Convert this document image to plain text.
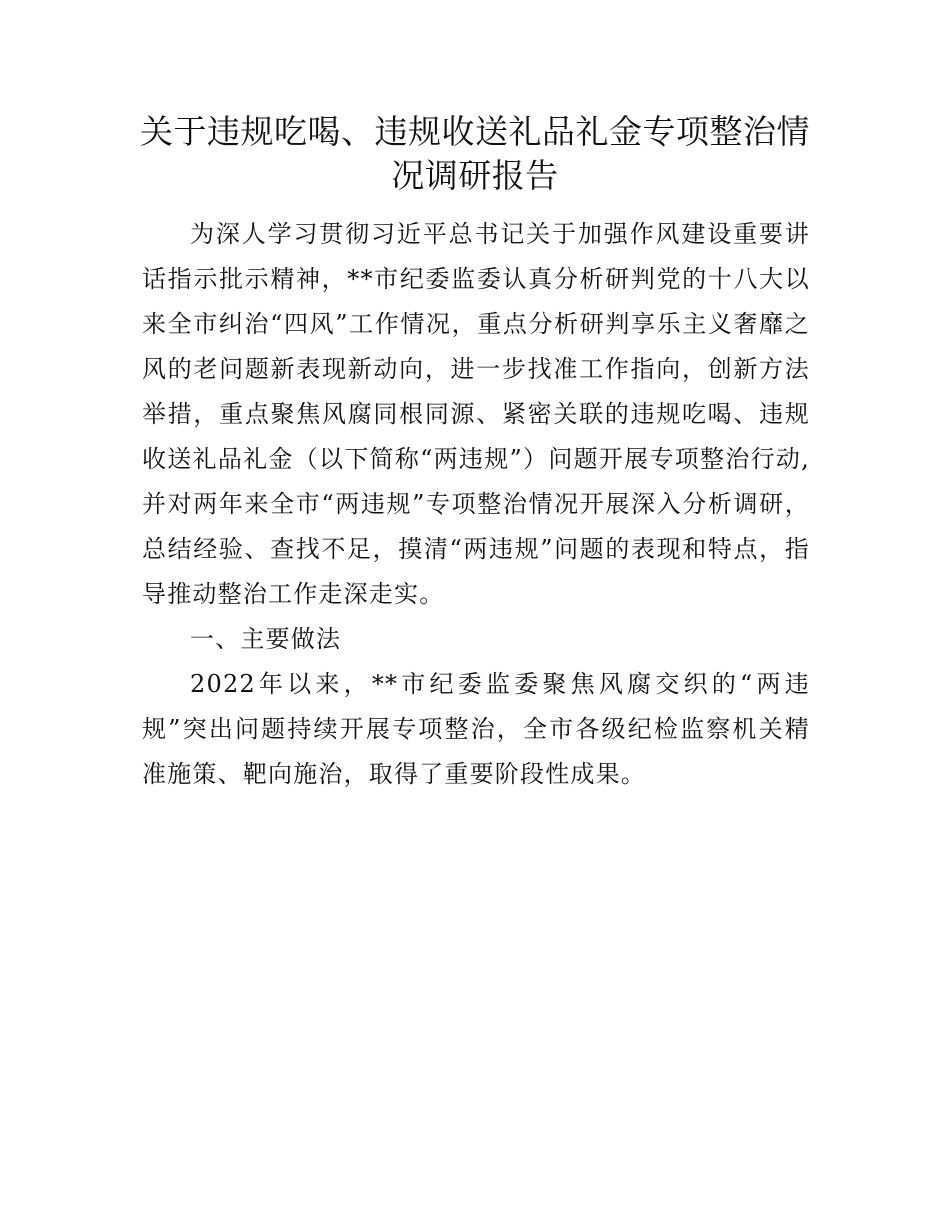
关于违规吃喝、违规收送礼品礼金专项整治情况调研报告

为深人学习贯彻习近平总书记关于加强作风建设重要讲话指示批示精神，**市纪委监委认真分析研判党的十八大以来全市纠治“四风”工作情况，重点分析研判享乐主义奢靡之风的老问题新表现新动向，进一步找准工作指向，创新方法举措，重点聚焦风腐同根同源、紧密关联的违规吃喝、违规收送礼品礼金（以下简称“两违规”）问题开展专项整治行动,并对两年来全市“两违规”专项整治情况开展深入分析调研，总结经验、查找不足，摸清“两违规”问题的表现和特点，指导推动整治工作走深走实。

一、主要做法

2022年以来，**市纪委监委聚焦风腐交织的“两违规”突出问题持续开展专项整治，全市各级纪检监察机关精准施策、靶向施治，取得了重要阶段性成果。
